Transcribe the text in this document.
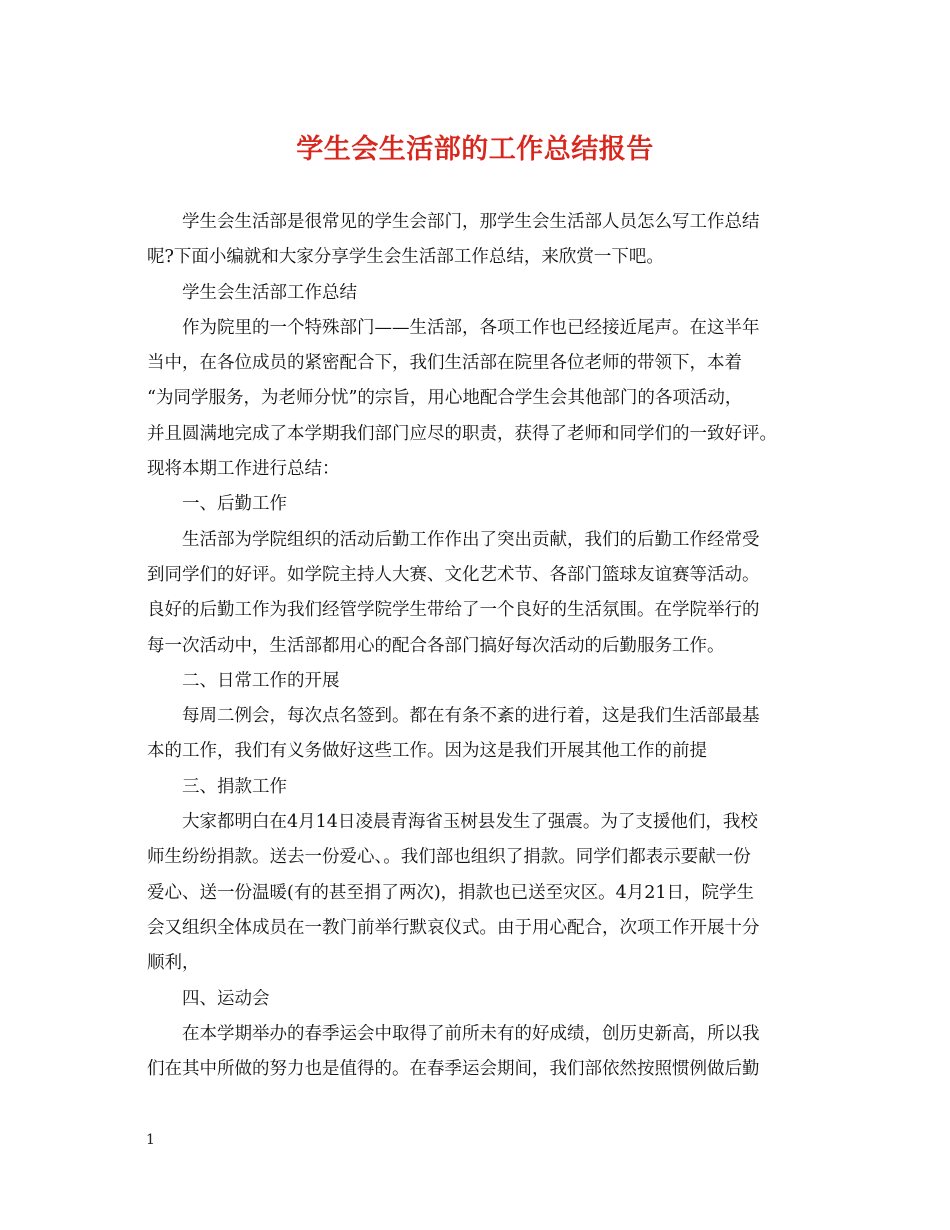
学生会生活部的工作总结报告
学生会生活部是很常见的学生会部门，那学生会生活部人员怎么写工作总结
呢?下面小编就和大家分享学生会生活部工作总结，来欣赏一下吧。
学生会生活部工作总结
作为院里的一个特殊部门——生活部，各项工作也已经接近尾声。在这半年
当中，在各位成员的紧密配合下，我们生活部在院里各位老师的带领下，本着
“为同学服务，为老师分忧”的宗旨，用心地配合学生会其他部门的各项活动，
并且圆满地完成了本学期我们部门应尽的职责，获得了老师和同学们的一致好评。
现将本期工作进行总结：
一、后勤工作
生活部为学院组织的活动后勤工作作出了突出贡献，我们的后勤工作经常受
到同学们的好评。如学院主持人大赛、文化艺术节、各部门篮球友谊赛等活动。
良好的后勤工作为我们经管学院学生带给了一个良好的生活氛围。在学院举行的
每一次活动中，生活部都用心的配合各部门搞好每次活动的后勤服务工作。
二、日常工作的开展
每周二例会，每次点名签到。都在有条不紊的进行着，这是我们生活部最基
本的工作，我们有义务做好这些工作。因为这是我们开展其他工作的前提
三、捐款工作
大家都明白在4月14日凌晨青海省玉树县发生了强震。为了支援他们，我校
师生纷纷捐款。送去一份爱心、。我们部也组织了捐款。同学们都表示要献一份
爱心、送一份温暖(有的甚至捐了两次)，捐款也已送至灾区。4月21日，院学生
会又组织全体成员在一教门前举行默哀仪式。由于用心配合，次项工作开展十分
顺利，
四、运动会
在本学期举办的春季运会中取得了前所未有的好成绩，创历史新高，所以我
们在其中所做的努力也是值得的。在春季运会期间，我们部依然按照惯例做后勤
1
